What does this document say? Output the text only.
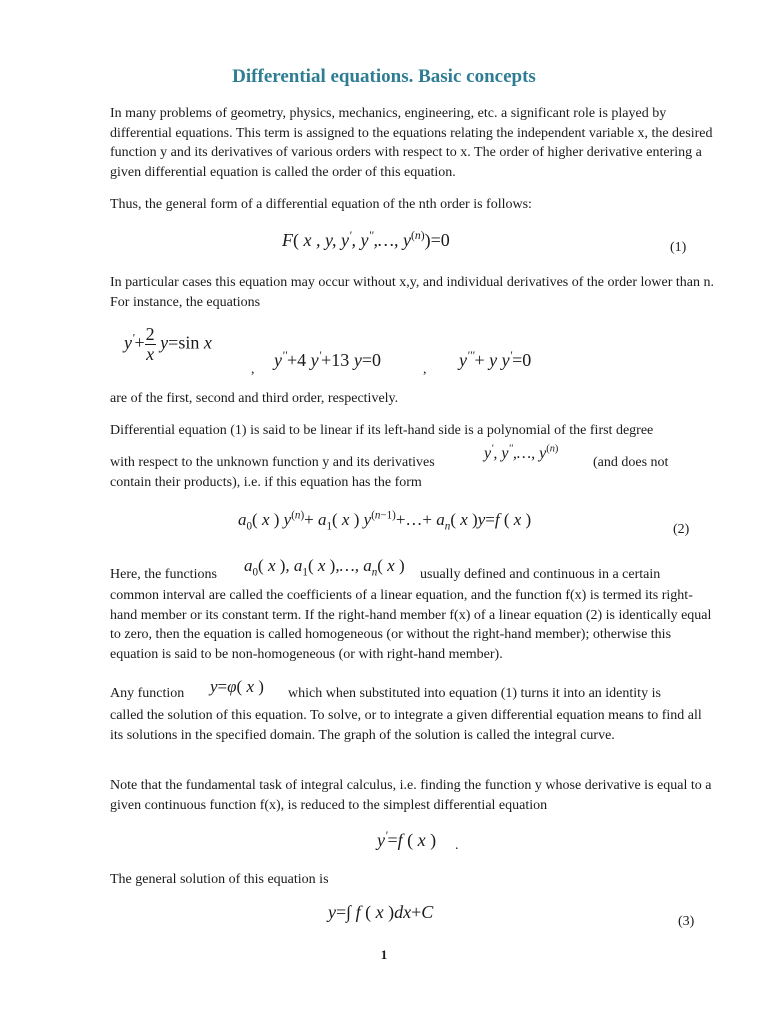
Differential equations. Basic concepts

In many problems of geometry, physics, mechanics, engineering, etc. a significant role is played by differential equations. This term is assigned to the equations relating the independent variable x, the desired function y and its derivatives of various orders with respect to x. The order of higher derivative entering a given differential equation is called the order of this equation.

Thus, the general form of a differential equation of the nth order is follows:

F( x , y, y', y'',…, $y^{(n)})=0$	(1)

In particular cases this equation may occur without x,y, and individual derivatives of the order lower than n. For instance, the equations

$y'+ \frac{2}{x} y=\sin$ x
, y''+4 y'+13 y=0	, y'''+ y y'=0

are of the first, second and third order, respectively.

Differential equation (1) is said to be linear if its left-hand side is a polynomial of the first degree

with respect to the unknown function y and its derivatives
y', y'',…, $y^{(n)}$
(and does not
contain their products), i.e. if this equation has the form
$a_0$( x ) $y^{(n)}+ a_1$( x ) $y^{(n-1)}+\dots+ a_n$( x )y=f ( x )
(2)
Here, the functions $a_0$( x ), $a_1$( x ),…, $a_n$( x ) usually defined and continuous in a certain

common interval are called the coefficients of a linear equation, and the function f(x) is termed its right-hand member or its constant term. If the right-hand member f(x) of a linear equation (2) is identically equal to zero, then the equation is called homogeneous (or without the right-hand member); otherwise this equation is said to be non-homogeneous (or with right-hand member).

Any function y=φ( x ) which when substituted into equation (1) turns it into an identity is

called the solution of this equation. To solve, or to integrate a given differential equation means to find all its solutions in the specified domain. The graph of the solution is called the integral curve.

Note that the fundamental task of integral calculus, i.e. finding the function y whose derivative is equal to a given continuous function f(x), is reduced to the simplest differential equation

y'=f ( x ) .

The general solution of this equation is

y=∫ f ( x )dx+C	(3)
1
